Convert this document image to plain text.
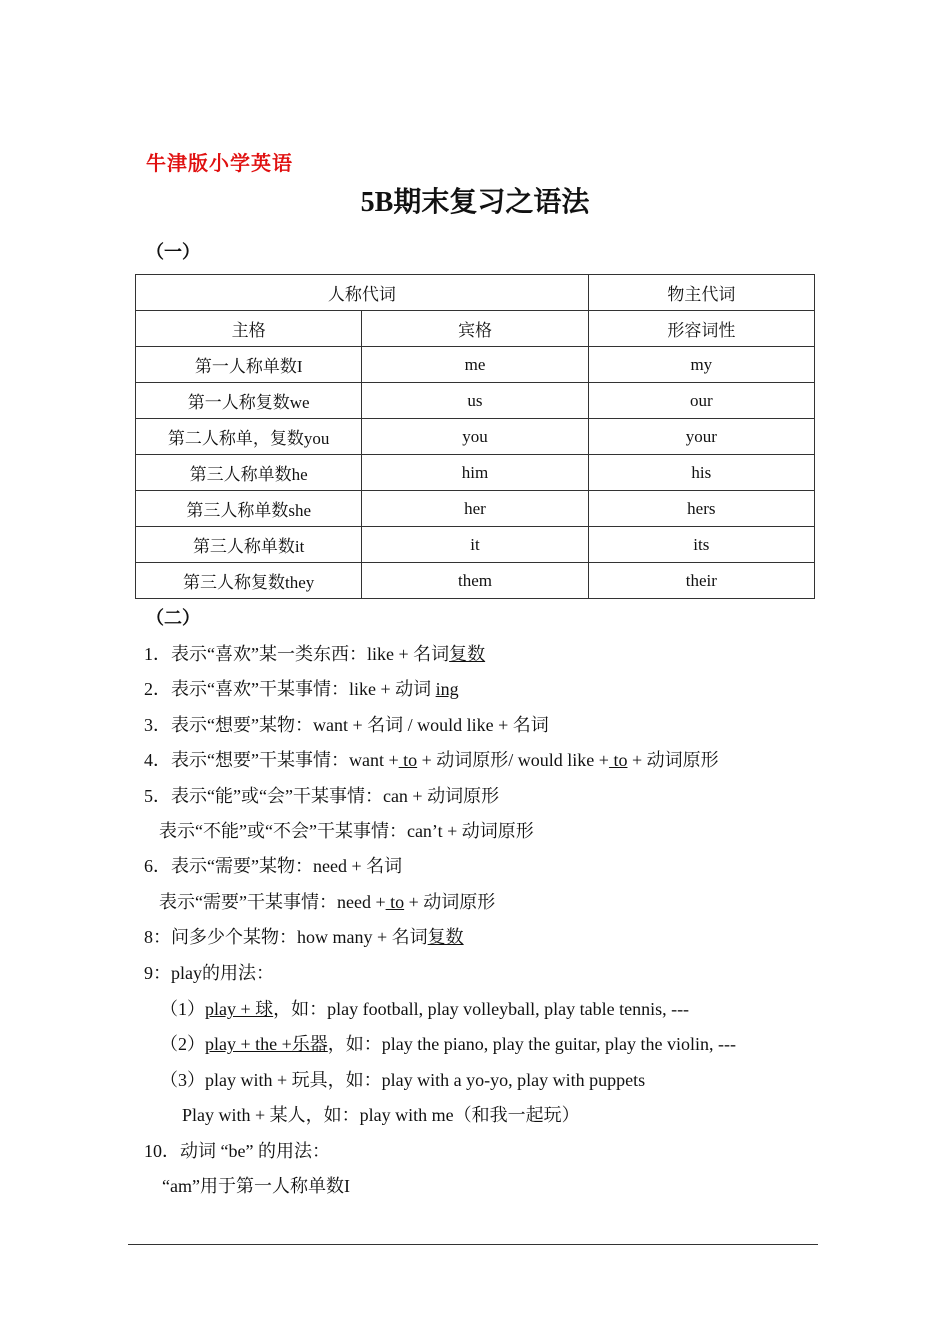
牛津版小学英语
5B期末复习之语法
（一）
人称代词		物主代词
主格	宾格	形容词性
第一人称单数I	me	my
第一人称复数we	us	our
第二人称单，复数you	you	your
第三人称单数he	him	his
第三人称单数she	her	hers
第三人称单数it	it	its
第三人称复数they	them	their
（二）
1．表示“喜欢”某一类东西：like + 名词复数
2．表示“喜欢”干某事情：like + 动词 ing
3．表示“想要”某物：want + 名词 / would like + 名词
4．表示“想要”干某事情：want + to + 动词原形/ would like + to + 动词原形
5．表示“能”或“会”干某事情：can + 动词原形
表示“不能”或“不会”干某事情：can’t + 动词原形
6．表示“需要”某物：need + 名词
表示“需要”干某事情：need + to + 动词原形
8：问多少个某物：how many + 名词复数
9：play的用法：
（1）play + 球，如：play football, play volleyball, play table tennis, ---
（2）play + the +乐器，如：play the piano, play the guitar, play the violin, ---
（3）play with + 玩具，如：play with a yo-yo, play with puppets
Play with + 某人，如：play with me（和我一起玩）
10．动词 “be” 的用法：
“am”用于第一人称单数I
